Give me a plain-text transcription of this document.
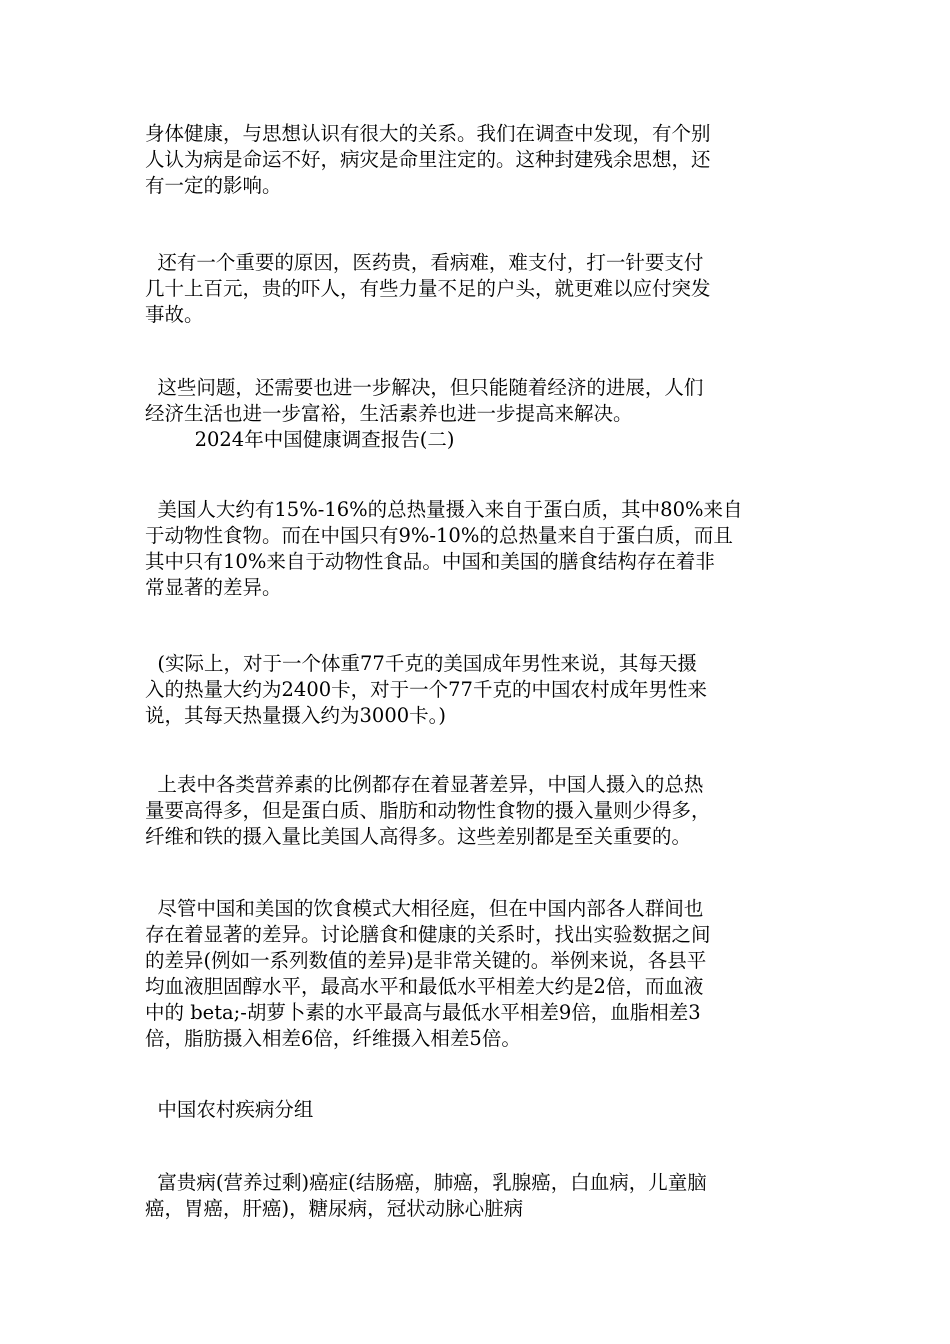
身体健康，与思想认识有很大的关系。我们在调查中发现，有个别
人认为病是命运不好，病灾是命里注定的。这种封建残余思想，还
有一定的影响。
还有一个重要的原因，医药贵，看病难，难支付，打一针要支付
几十上百元，贵的吓人，有些力量不足的户头，就更难以应付突发
事故。
这些问题，还需要也进一步解决，但只能随着经济的进展，人们
经济生活也进一步富裕，生活素养也进一步提高来解决。
2024年中国健康调查报告(二)
美国人大约有15%-16%的总热量摄入来自于蛋白质，其中80%来自
于动物性食物。而在中国只有9%-10%的总热量来自于蛋白质，而且
其中只有10%来自于动物性食品。中国和美国的膳食结构存在着非
常显著的差异。
(实际上，对于一个体重77千克的美国成年男性来说，其每天摄
入的热量大约为2400卡，对于一个77千克的中国农村成年男性来
说，其每天热量摄入约为3000卡。)
上表中各类营养素的比例都存在着显著差异，中国人摄入的总热
量要高得多，但是蛋白质、脂肪和动物性食物的摄入量则少得多，
纤维和铁的摄入量比美国人高得多。这些差别都是至关重要的。
尽管中国和美国的饮食模式大相径庭，但在中国内部各人群间也
存在着显著的差异。讨论膳食和健康的关系时，找出实验数据之间
的差异(例如一系列数值的差异)是非常关键的。举例来说，各县平
均血液胆固醇水平，最高水平和最低水平相差大约是2倍，而血液
中的 beta;-胡萝卜素的水平最高与最低水平相差9倍，血脂相差3
倍，脂肪摄入相差6倍，纤维摄入相差5倍。
中国农村疾病分组
富贵病(营养过剩)癌症(结肠癌，肺癌，乳腺癌，白血病，儿童脑
癌，胃癌，肝癌)，糖尿病，冠状动脉心脏病
